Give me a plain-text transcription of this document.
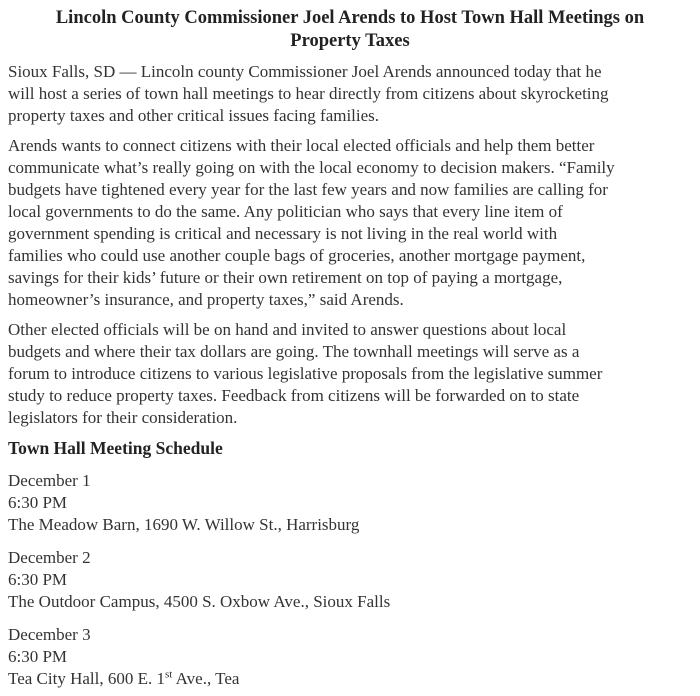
Lincoln County Commissioner Joel Arends to Host Town Hall Meetings on
Property Taxes
Sioux Falls, SD — Lincoln county Commissioner Joel Arends announced today that he
will host a series of town hall meetings to hear directly from citizens about skyrocketing
property taxes and other critical issues facing families.
Arends wants to connect citizens with their local elected officials and help them better
communicate what’s really going on with the local economy to decision makers. “Family
budgets have tightened every year for the last few years and now families are calling for
local governments to do the same. Any politician who says that every line item of
government spending is critical and necessary is not living in the real world with
families who could use another couple bags of groceries, another mortgage payment,
savings for their kids’ future or their own retirement on top of paying a mortgage,
homeowner’s insurance, and property taxes,” said Arends.
Other elected officials will be on hand and invited to answer questions about local
budgets and where their tax dollars are going. The townhall meetings will serve as a
forum to introduce citizens to various legislative proposals from the legislative summer
study to reduce property taxes. Feedback from citizens will be forwarded on to state
legislators for their consideration.
Town Hall Meeting Schedule
December 1
6:30 PM
The Meadow Barn, 1690 W. Willow St., Harrisburg
December 2
6:30 PM
The Outdoor Campus, 4500 S. Oxbow Ave., Sioux Falls
December 3
6:30 PM
Tea City Hall, 600 E. 1st Ave., Tea
